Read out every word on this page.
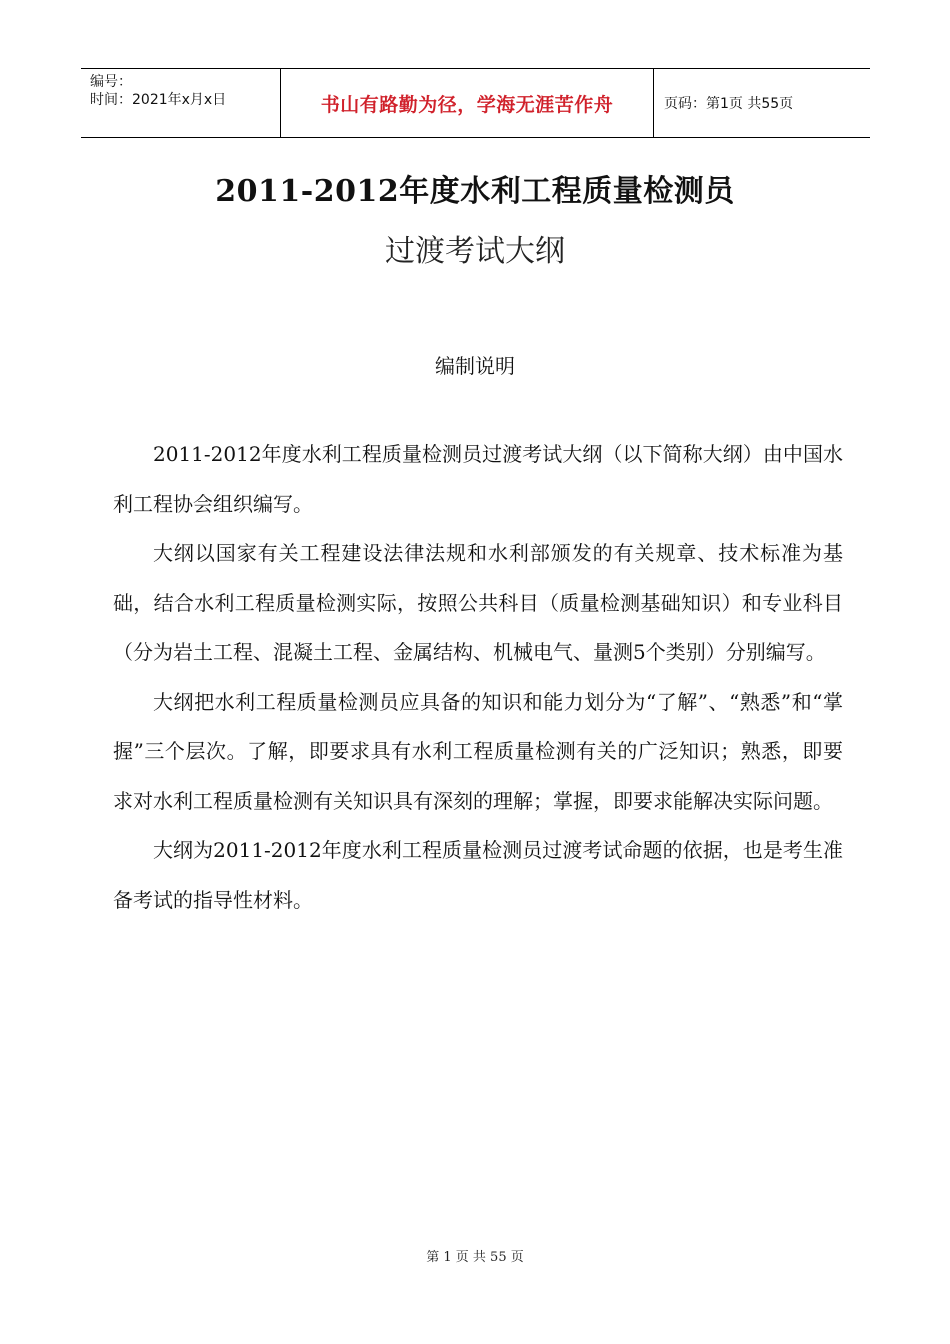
编号：
时间：2021年x月x日	书山有路勤为径，学海无涯苦作舟	页码：第1页 共55页
2011-2012年度水利工程质量检测员
过渡考试大纲
编制说明

2011-2012年度水利工程质量检测员过渡考试大纲（以下简称大纲）由中国水利工程协会组织编写。

大纲以国家有关工程建设法律法规和水利部颁发的有关规章、技术标准为基础，结合水利工程质量检测实际，按照公共科目（质量检测基础知识）和专业科目（分为岩土工程、混凝土工程、金属结构、机械电气、量测5个类别）分别编写。

大纲把水利工程质量检测员应具备的知识和能力划分为“了解”、“熟悉”和“掌握”三个层次。了解，即要求具有水利工程质量检测有关的广泛知识；熟悉，即要求对水利工程质量检测有关知识具有深刻的理解；掌握，即要求能解决实际问题。

大纲为2011-2012年度水利工程质量检测员过渡考试命题的依据，也是考生准备考试的指导性材料。

第 1 页 共 55 页
